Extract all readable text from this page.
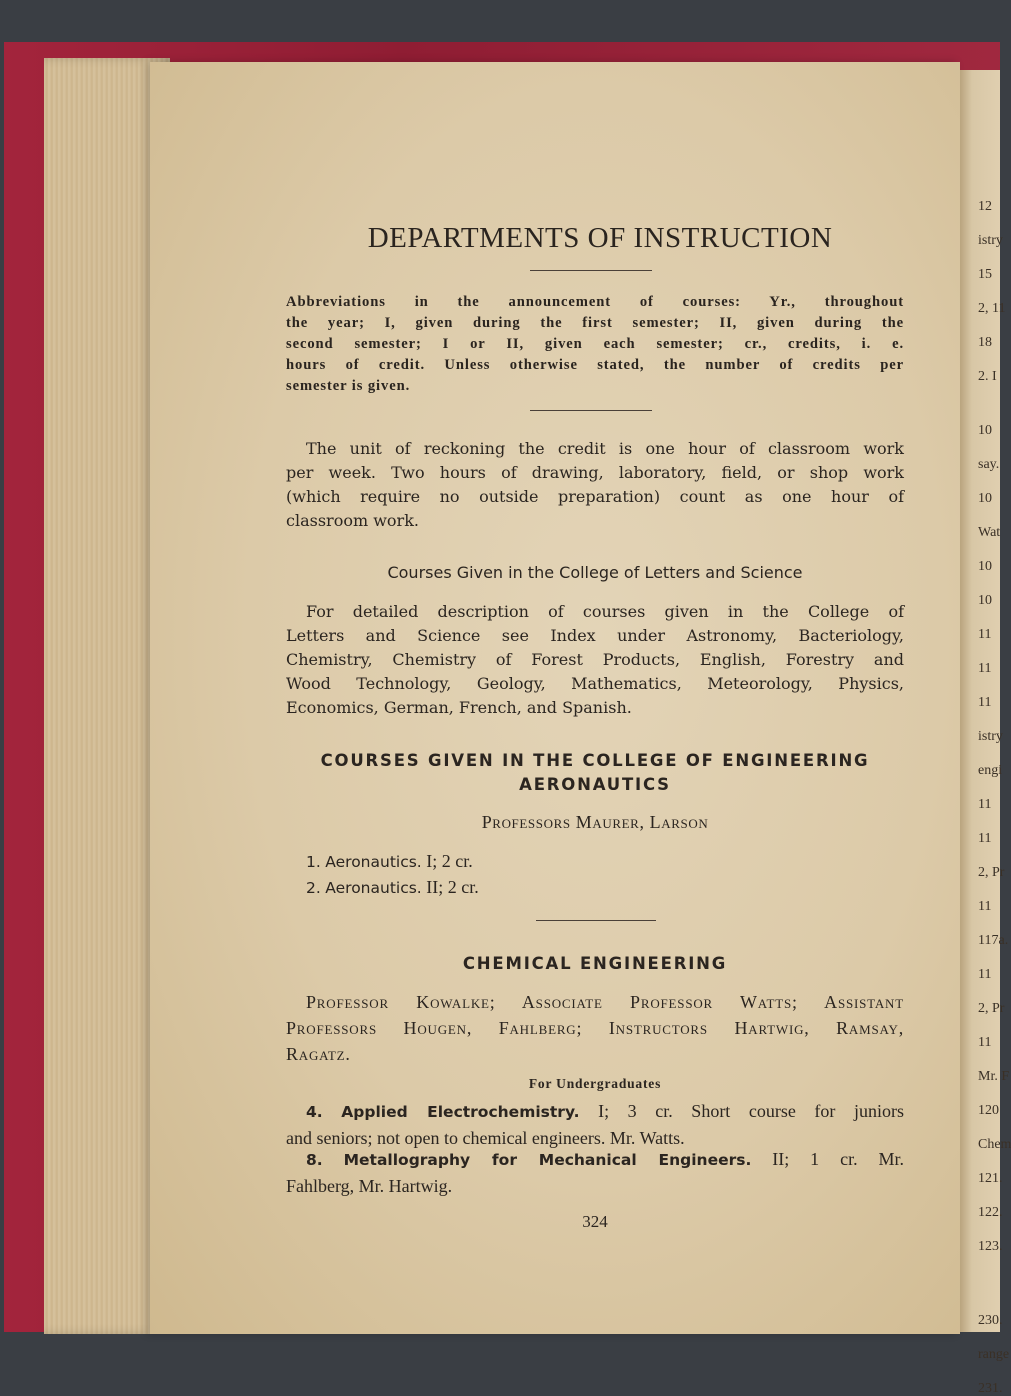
12
istry
15
2, 11
18
2. I
10
say.
10
Wat
10
10
11
11
11
istry
engi
11
11
2, Pr
11
117a.
11
2, Pr
11
Mr. F
120
Chem
121.
122.
123.
230.
range
231.
DEPARTMENTS OF INSTRUCTION
Abbreviations in the announcement of courses: Yr., throughout
the year; I, given during the first semester; II, given during the
second semester; I or II, given each semester; cr., credits, i. e.
hours of credit. Unless otherwise stated, the number of credits per
semester is given.
The unit of reckoning the credit is one hour of classroom work
per week. Two hours of drawing, laboratory, field, or shop work
(which require no outside preparation) count as one hour of
classroom work.
Courses Given in the College of Letters and Science
For detailed description of courses given in the College of
Letters and Science see Index under Astronomy, Bacteriology,
Chemistry, Chemistry of Forest Products, English, Forestry and
Wood Technology, Geology, Mathematics, Meteorology, Physics,
Economics, German, French, and Spanish.
COURSES GIVEN IN THE COLLEGE OF ENGINEERING
AERONAUTICS
Professors Maurer, Larson
1. Aeronautics. I; 2 cr.
2. Aeronautics. II; 2 cr.
CHEMICAL ENGINEERING
Professor Kowalke; Associate Professor Watts; Assistant
Professors Hougen, Fahlberg; Instructors Hartwig, Ramsay,
Ragatz.
For Undergraduates
4. Applied Electrochemistry. I; 3 cr. Short course for juniors
and seniors; not open to chemical engineers. Mr. Watts.
8. Metallography for Mechanical Engineers. II; 1 cr. Mr.
Fahlberg, Mr. Hartwig.
324
